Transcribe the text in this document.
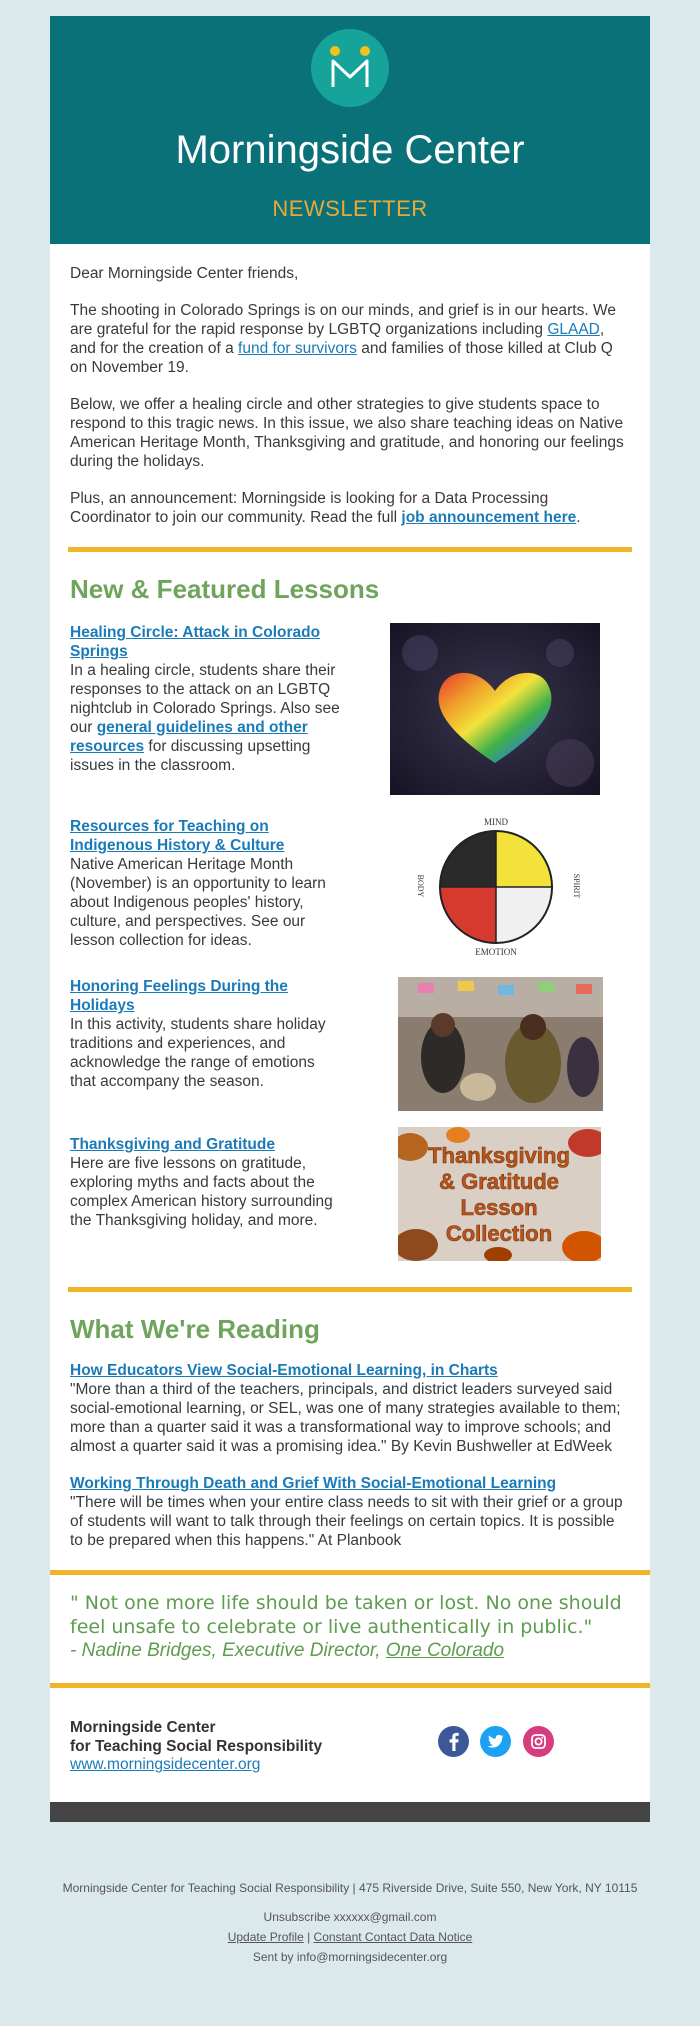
Morningside Center
NEWSLETTER

Dear Morningside Center friends,

The shooting in Colorado Springs is on our minds, and grief is in our hearts. We are grateful for the rapid response by LGBTQ organizations including GLAAD, and for the creation of a fund for survivors and families of those killed at Club Q on November 19.

Below, we offer a healing circle and other strategies to give students space to respond to this tragic news. In this issue, we also share teaching ideas on Native American Heritage Month, Thanksgiving and gratitude, and honoring our feelings during the holidays.

Plus, an announcement: Morningside is looking for a Data Processing Coordinator to join our community. Read the full job announcement here.

New & Featured Lessons
Healing Circle: Attack in Colorado Springs

In a healing circle, students share their responses to the attack on an LGBTQ nightclub in Colorado Springs. Also see our general guidelines and other resources for discussing upsetting issues in the classroom.

Resources for Teaching on Indigenous History & Culture

Native American Heritage Month (November) is an opportunity to learn about Indigenous peoples' history, culture, and perspectives. See our lesson collection for ideas.

MIND
EMOTION
BODY	SPIRIT
Honoring Feelings During the Holidays

In this activity, students share holiday traditions and experiences, and acknowledge the range of emotions that accompany the season.

Thanksgiving and Gratitude

Here are five lessons on gratitude, exploring myths and facts about the complex American history surrounding the Thanksgiving holiday, and more.

Thanksgiving
& Gratitude
Lesson
Collection
What We're Reading
How Educators View Social-Emotional Learning, in Charts

"More than a third of the teachers, principals, and district leaders surveyed said social-emotional learning, or SEL, was one of many strategies available to them; more than a quarter said it was a transformational way to improve schools; and almost a quarter said it was a promising idea." By Kevin Bushweller at EdWeek

Working Through Death and Grief With Social-Emotional Learning

"There will be times when your entire class needs to sit with their grief or a group of students will want to talk through their feelings on certain topics. It is possible to be prepared when this happens." At Planbook

" Not one more life should be taken or lost. No one should feel unsafe to celebrate or live authentically in public."
- Nadine Bridges, Executive Director, One Colorado
Morningside Center
for Teaching Social Responsibility
www.morningsidecenter.org

Morningside Center for Teaching Social Responsibility | 475 Riverside Drive, Suite 550, New York, NY 10115
Unsubscribe xxxxxx@gmail.com
Update Profile | Constant Contact Data Notice
Sent by info@morningsidecenter.org
